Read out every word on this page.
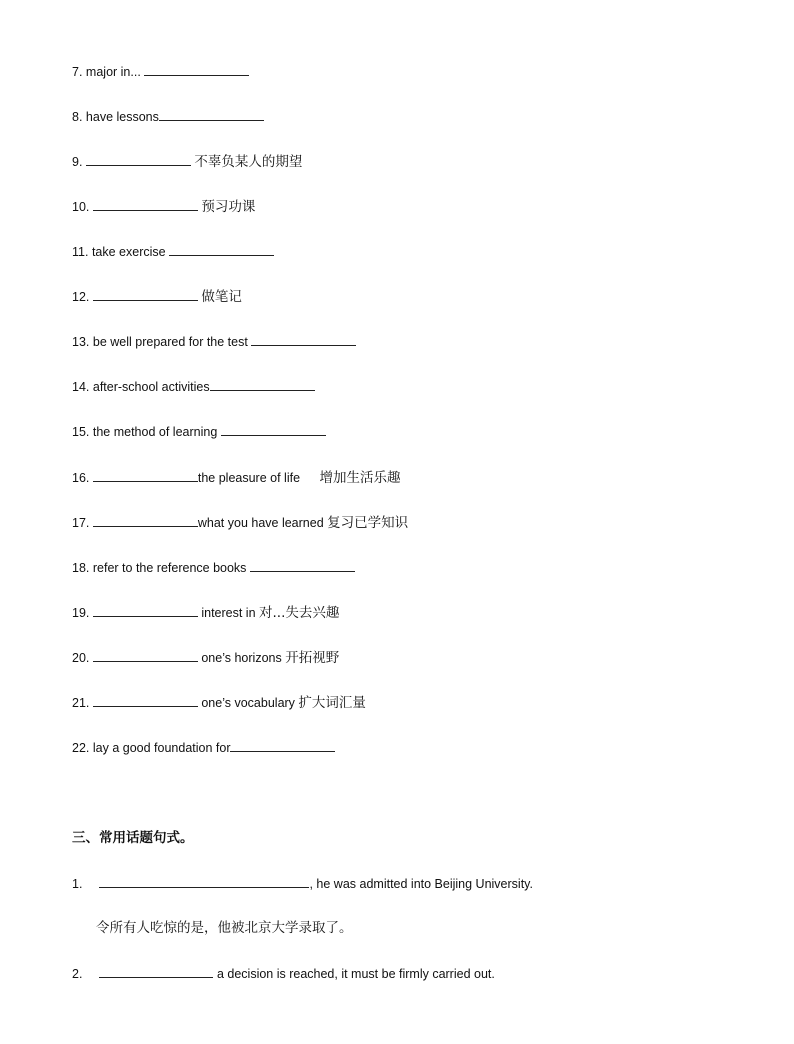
7. major in...
8. have lessons
9.	不辜负某人的期望
10.	预习功课
11. take exercise
12.	做笔记
13. be well prepared for the test
14. after-school activities
15. the method of learning
16.	the pleasure of life 增加生活乐趣
17.	what you have learned 复习已学知识
18. refer to the reference books
19.	interest in 对...失去兴趣
20.	one’s horizons 开拓视野
21.	one’s vocabulary 扩大词汇量
22. lay a good foundation for
三、常用话题句式。
1.	, he was admitted into Beijing University.
令所有人吃惊的是，他被北京大学录取了。
2.	a decision is reached, it must be firmly carried out.
